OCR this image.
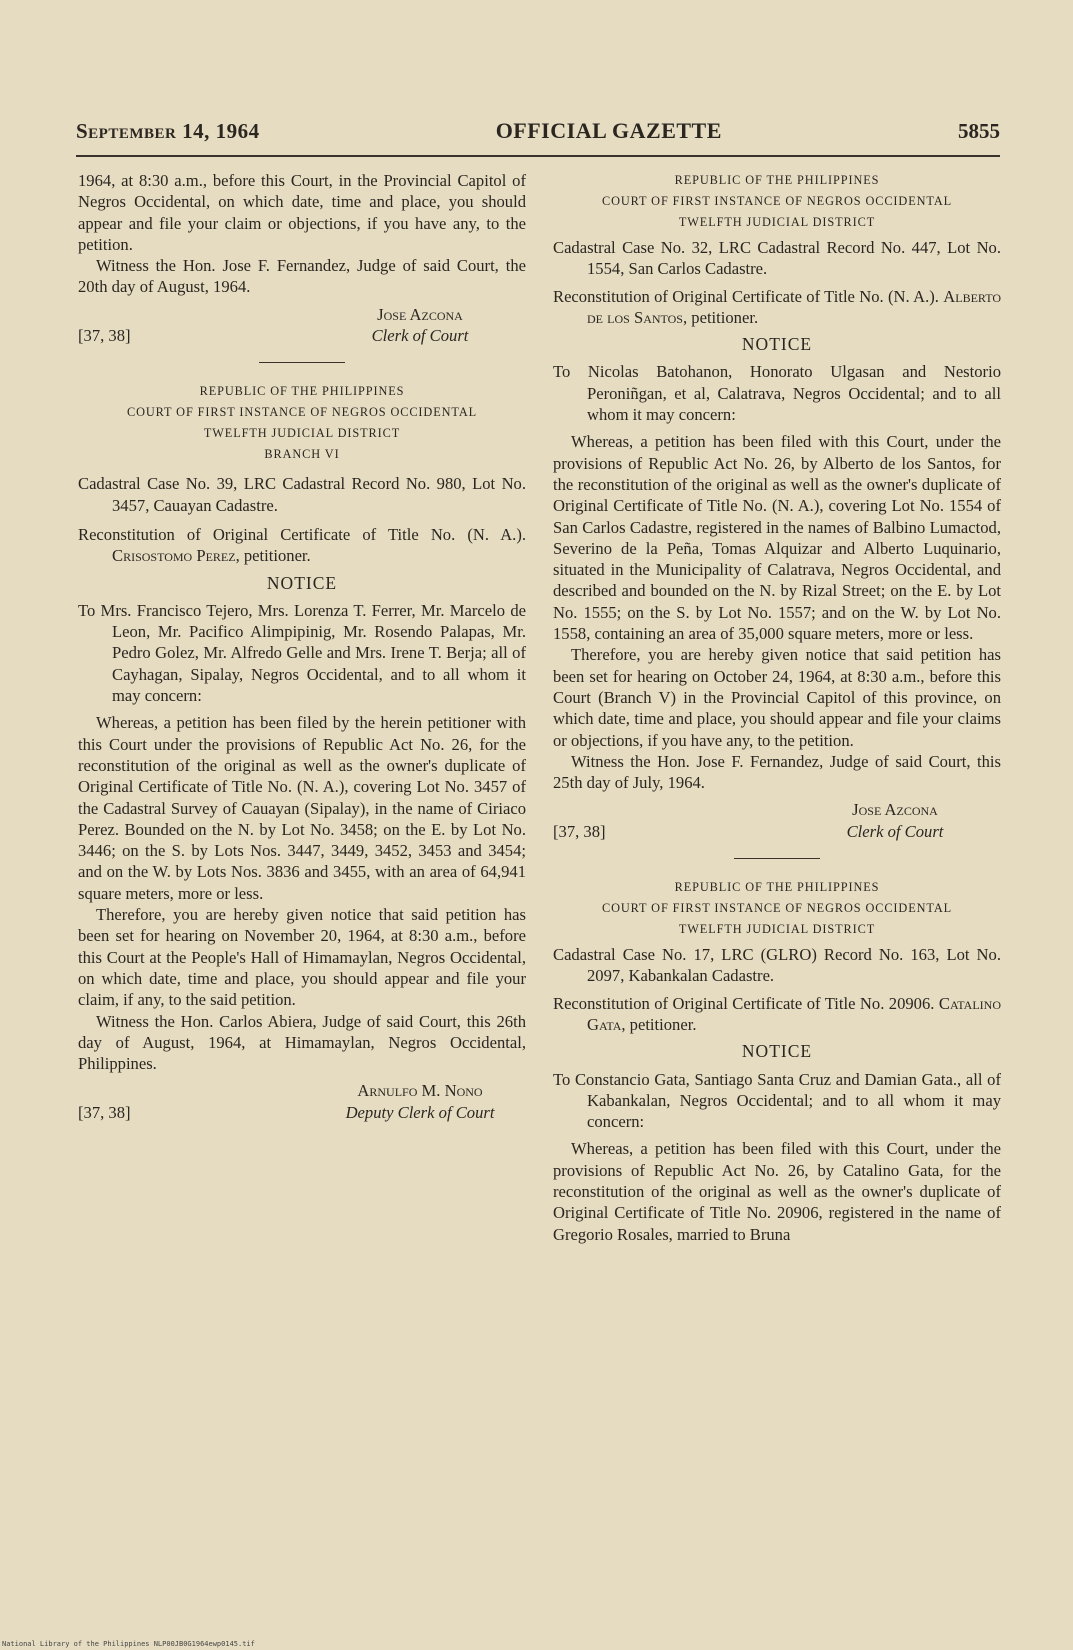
September 14, 1964	OFFICIAL GAZETTE	5855

1964, at 8:30 a.m., before this Court, in the Provincial Capitol of Negros Occidental, on which date, time and place, you should appear and file your claim or objections, if you have any, to the petition.

Witness the Hon. Jose F. Fernandez, Judge of said Court, the 20th day of August, 1964.

[37, 38]
Jose Azcona
Clerk of Court
REPUBLIC OF THE PHILIPPINES
COURT OF FIRST INSTANCE OF NEGROS OCCIDENTAL
TWELFTH JUDICIAL DISTRICT
BRANCH VI

Cadastral Case No. 39, LRC Cadastral Record No. 980, Lot No. 3457, Cauayan Cadastre.

Reconstitution of Original Certificate of Title No. (N. A.). Crisostomo Perez, petitioner.

NOTICE

To Mrs. Francisco Tejero, Mrs. Lorenza T. Ferrer, Mr. Marcelo de Leon, Mr. Pacifico Alimpipinig, Mr. Rosendo Palapas, Mr. Pedro Golez, Mr. Alfredo Gelle and Mrs. Irene T. Berja; all of Cayhagan, Sipalay, Negros Occidental, and to all whom it may concern:

Whereas, a petition has been filed by the herein petitioner with this Court under the provisions of Republic Act No. 26, for the reconstitution of the original as well as the owner's duplicate of Original Certificate of Title No. (N. A.), covering Lot No. 3457 of the Cadastral Survey of Cauayan (Sipalay), in the name of Ciriaco Perez. Bounded on the N. by Lot No. 3458; on the E. by Lot No. 3446; on the S. by Lots Nos. 3447, 3449, 3452, 3453 and 3454; and on the W. by Lots Nos. 3836 and 3455, with an area of 64,941 square meters, more or less.

Therefore, you are hereby given notice that said petition has been set for hearing on November 20, 1964, at 8:30 a.m., before this Court at the People's Hall of Himamaylan, Negros Occidental, on which date, time and place, you should appear and file your claim, if any, to the said petition.

Witness the Hon. Carlos Abiera, Judge of said Court, this 26th day of August, 1964, at Himamaylan, Negros Occidental, Philippines.

[37, 38]
Arnulfo M. Nono
Deputy Clerk of Court
REPUBLIC OF THE PHILIPPINES
COURT OF FIRST INSTANCE OF NEGROS OCCIDENTAL
TWELFTH JUDICIAL DISTRICT

Cadastral Case No. 32, LRC Cadastral Record No. 447, Lot No. 1554, San Carlos Cadastre.

Reconstitution of Original Certificate of Title No. (N. A.). Alberto de los Santos, petitioner.

NOTICE

To Nicolas Batohanon, Honorato Ulgasan and Nestorio Peroniñgan, et al, Calatrava, Negros Occidental; and to all whom it may concern:

Whereas, a petition has been filed with this Court, under the provisions of Republic Act No. 26, by Alberto de los Santos, for the reconstitution of the original as well as the owner's duplicate of Original Certificate of Title No. (N. A.), covering Lot No. 1554 of San Carlos Cadastre, registered in the names of Balbino Lumactod, Severino de la Peña, Tomas Alquizar and Alberto Luquinario, situated in the Municipality of Calatrava, Negros Occidental, and described and bounded on the N. by Rizal Street; on the E. by Lot No. 1555; on the S. by Lot No. 1557; and on the W. by Lot No. 1558, containing an area of 35,000 square meters, more or less.

Therefore, you are hereby given notice that said petition has been set for hearing on October 24, 1964, at 8:30 a.m., before this Court (Branch V) in the Provincial Capitol of this province, on which date, time and place, you should appear and file your claims or objections, if you have any, to the petition.

Witness the Hon. Jose F. Fernandez, Judge of said Court, this 25th day of July, 1964.

[37, 38]
Jose Azcona
Clerk of Court
REPUBLIC OF THE PHILIPPINES
COURT OF FIRST INSTANCE OF NEGROS OCCIDENTAL
TWELFTH JUDICIAL DISTRICT

Cadastral Case No. 17, LRC (GLRO) Record No. 163, Lot No. 2097, Kabankalan Cadastre.

Reconstitution of Original Certificate of Title No. 20906. Catalino Gata, petitioner.

NOTICE

To Constancio Gata, Santiago Santa Cruz and Damian Gata., all of Kabankalan, Negros Occidental; and to all whom it may concern:

Whereas, a petition has been filed with this Court, under the provisions of Republic Act No. 26, by Catalino Gata, for the reconstitution of the original as well as the owner's duplicate of Original Certificate of Title No. 20906, registered in the name of Gregorio Rosales, married to Bruna

National Library of the Philippines NLP00JB0G1964ewp0145.tif
